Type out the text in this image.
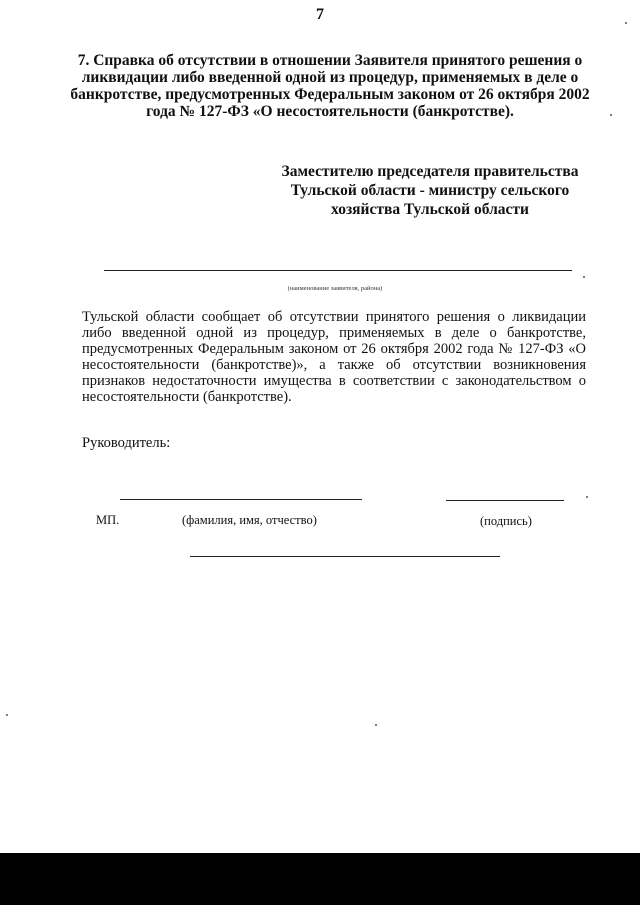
7
7. Справка об отсутствии в отношении Заявителя принятого решения о ликвидации либо введенной одной из процедур, применяемых в деле о банкротстве, предусмотренных Федеральным законом от 26 октября 2002 года № 127-ФЗ «О несостоятельности (банкротстве).
Заместителю председателя правительства
Тульской области - министру сельского
хозяйства Тульской области
(наименование заявителя, района)
Тульской области сообщает об отсутствии принятого решения о ликвидации либо введенной одной из процедур, применяемых в деле о банкротстве, предусмотренных Федеральным законом от 26 октября 2002 года № 127-ФЗ «О несостоятельности (банкротстве)», а также об отсутствии возникновения признаков недостаточности имущества в соответствии с законодательством о несостоятельности (банкротстве).
Руководитель:
МП.	(фамилия, имя, отчество)	(подпись)
